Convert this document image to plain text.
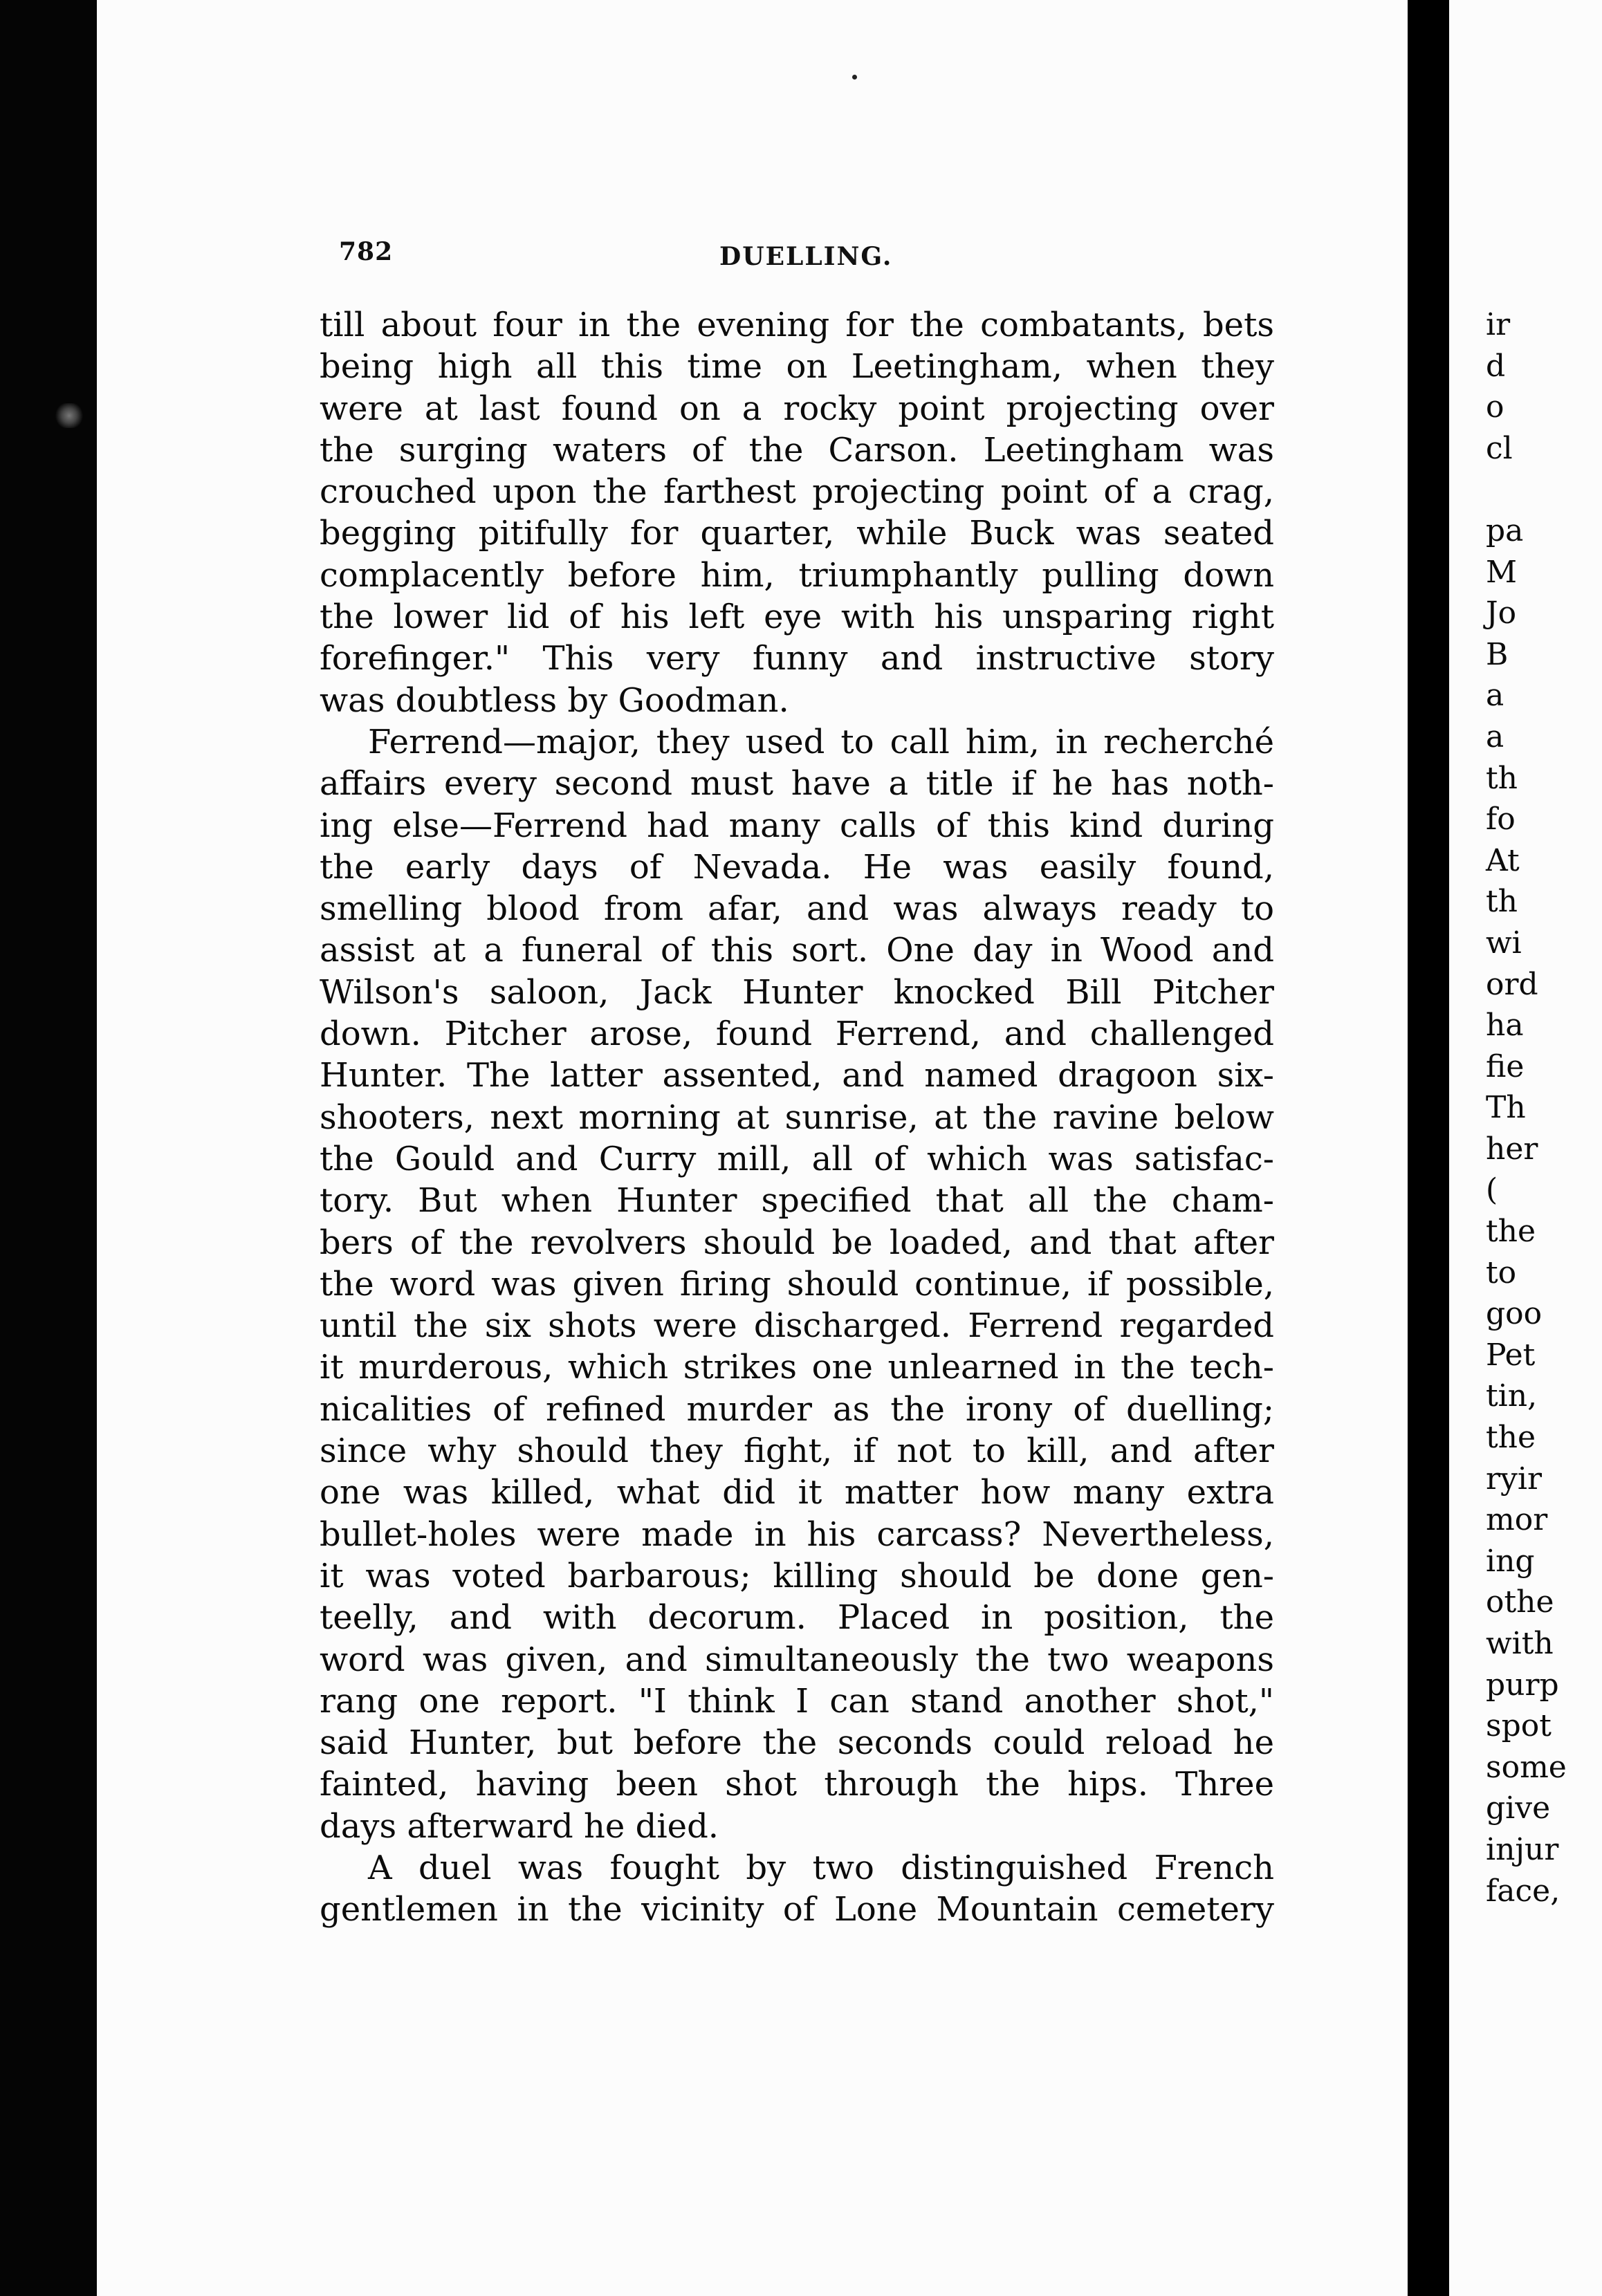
782	DUELLING.
till about four in the evening for the combatants, bets
being high all this time on Leetingham, when they
were at last found on a rocky point projecting over
the surging waters of the Carson. Leetingham was
crouched upon the farthest projecting point of a crag,
begging pitifully for quarter, while Buck was seated
complacently before him, triumphantly pulling down
the lower lid of his left eye with his unsparing right
forefinger." This very funny and instructive story
was doubtless by Goodman.
Ferrend—major, they used to call him, in recherché
affairs every second must have a title if he has noth-
ing else—Ferrend had many calls of this kind during
the early days of Nevada. He was easily found,
smelling blood from afar, and was always ready to
assist at a funeral of this sort. One day in Wood and
Wilson's saloon, Jack Hunter knocked Bill Pitcher
down. Pitcher arose, found Ferrend, and challenged
Hunter. The latter assented, and named dragoon six-
shooters, next morning at sunrise, at the ravine below
the Gould and Curry mill, all of which was satisfac-
tory. But when Hunter specified that all the cham-
bers of the revolvers should be loaded, and that after
the word was given firing should continue, if possible,
until the six shots were discharged. Ferrend regarded
it murderous, which strikes one unlearned in the tech-
nicalities of refined murder as the irony of duelling;
since why should they fight, if not to kill, and after
one was killed, what did it matter how many extra
bullet-holes were made in his carcass? Nevertheless,
it was voted barbarous; killing should be done gen-
teelly, and with decorum. Placed in position, the
word was given, and simultaneously the two weapons
rang one report. "I think I can stand another shot,"
said Hunter, but before the seconds could reload he
fainted, having been shot through the hips. Three
days afterward he died.
A duel was fought by two distinguished French
gentlemen in the vicinity of Lone Mountain cemetery
ir
d
o
cl
pa
M
Jo
B
a
a
th
fo
At
th
wi
ord
ha
fie
Th
her
(
the
to
goo
Pet
tin,
the
ryir
mor
ing
othe
with
purp
spot
some
give
injur
face,
